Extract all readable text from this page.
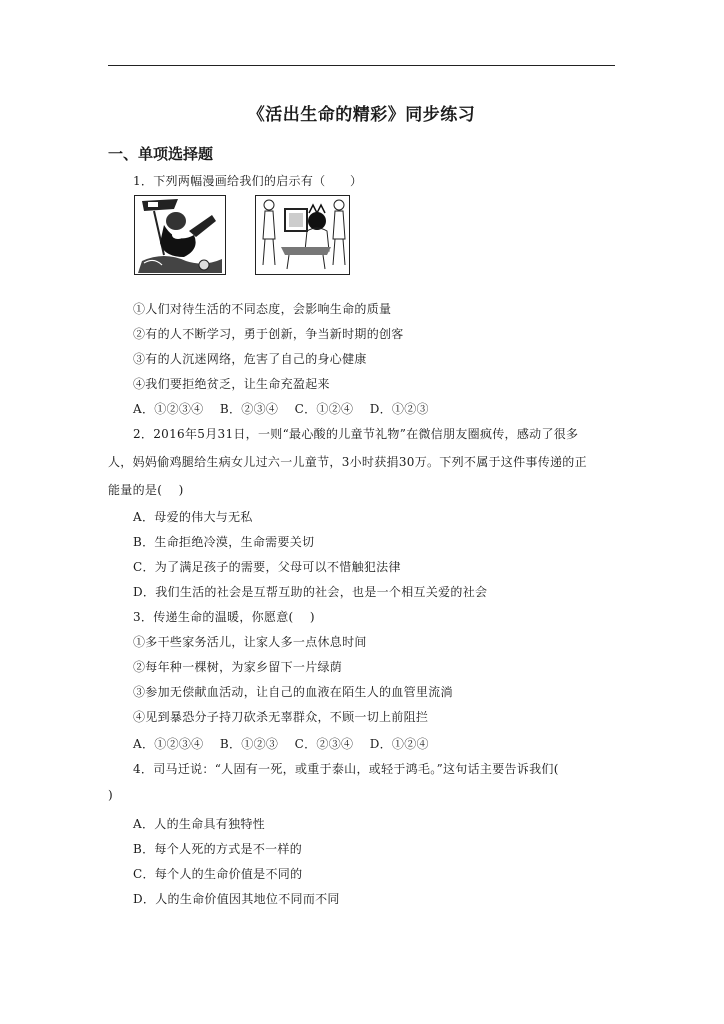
《活出生命的精彩》同步练习
一、单项选择题
1．下列两幅漫画给我们的启示有（　　）
①人们对待生活的不同态度，会影响生命的质量
②有的人不断学习，勇于创新，争当新时期的创客
③有的人沉迷网络，危害了自己的身心健康
④我们要拒绝贫乏，让生命充盈起来
A．①②③④　 B．②③④　 C．①②④　 D．①②③
2．2016年5月31日，一则“最心酸的儿童节礼物”在微信朋友圈疯传，感动了很多
人，妈妈偷鸡腿给生病女儿过六一儿童节，3小时获捐30万。下列不属于这件事传递的正
能量的是(　 )
A．母爱的伟大与无私
B．生命拒绝冷漠，生命需要关切
C．为了满足孩子的需要，父母可以不惜触犯法律
D．我们生活的社会是互帮互助的社会，也是一个相互关爱的社会
3．传递生命的温暖，你愿意(　 )
①多干些家务活儿，让家人多一点休息时间
②每年种一棵树，为家乡留下一片绿荫
③参加无偿献血活动，让自己的血液在陌生人的血管里流淌
④见到暴恐分子持刀砍杀无辜群众，不顾一切上前阻拦
A．①②③④　 B．①②③　 C．②③④　 D．①②④
4．司马迁说：“人固有一死，或重于泰山，或轻于鸿毛。”这句话主要告诉我们(
)
A．人的生命具有独特性
B．每个人死的方式是不一样的
C．每个人的生命价值是不同的
D．人的生命价值因其地位不同而不同
